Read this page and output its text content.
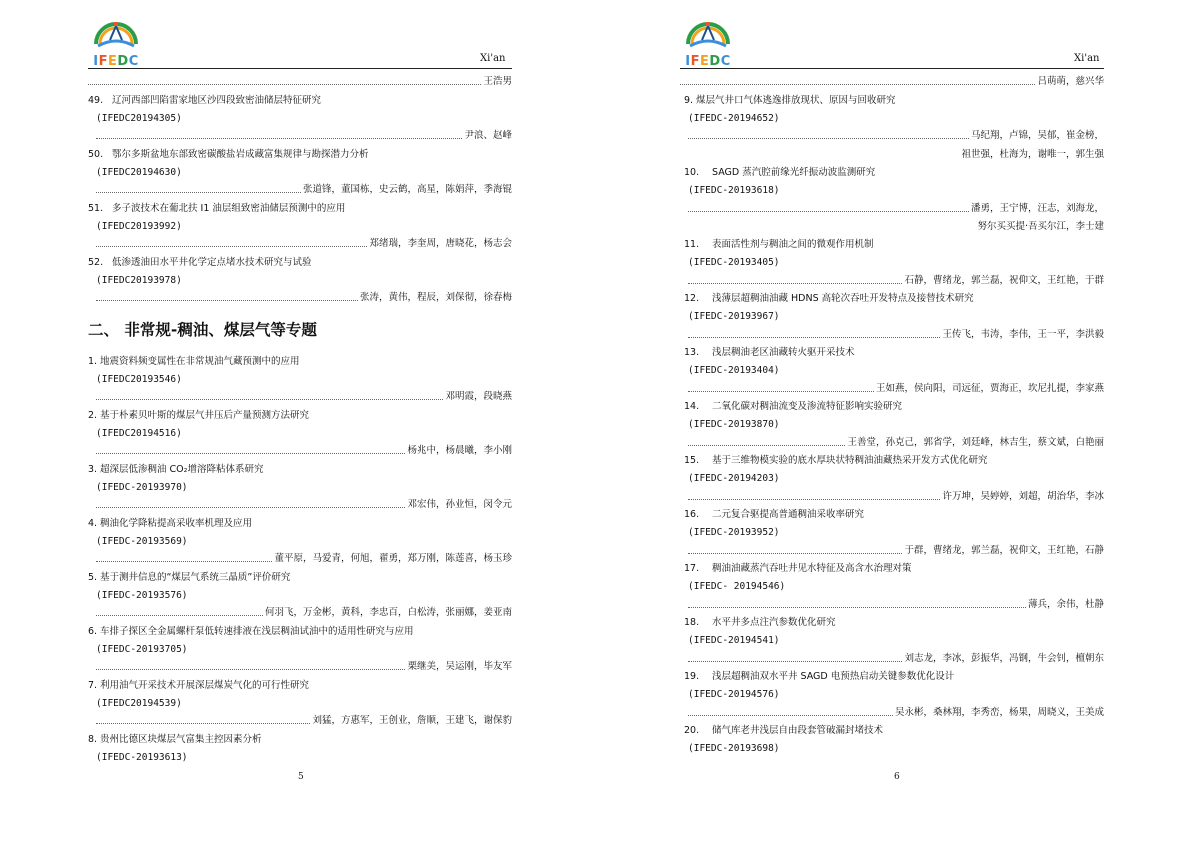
IFEDC	Xi'an
王浩男
49. 辽河西部凹陷雷家地区沙四段致密油储层特征研究
(IFEDC20194305)
尹浪、赵峰
50. 鄂尔多斯盆地东部致密碳酸盐岩成藏富集规律与勘探潜力分析
(IFEDC20194630)
张道锋，董国栋，史云鹤，高星，陈娟萍，季海锟
51. 多子波技术在葡北扶 I1 油层组致密油储层预测中的应用
(IFEDC20193992)
郑绪瑞，李奎周，唐晓花，杨志会
52. 低渗透油田水平井化学定点堵水技术研究与试验
(IFEDC20193978)
张涛，黄伟，程辰，刘保彻，徐春梅
二、 非常规-稠油、煤层气等专题
1. 地震资料频变属性在非常规油气藏预测中的应用
(IFEDC20193546)
邓明霞，段晓燕
2. 基于朴素贝叶斯的煤层气井压后产量预测方法研究
(IFEDC20194516)
杨兆中，杨晨曦，李小刚
3. 超深层低渗稠油 CO₂增溶降粘体系研究
(IFEDC-20193970)
邓宏伟，孙业恒，闵令元
4. 稠油化学降粘提高采收率机理及应用
(IFEDC-20193569)
董平原，马爱青，何旭，翟勇，郑万刚，陈莲喜，杨玉珍
5. 基于测井信息的“煤层气系统三晶质”评价研究
(IFEDC-20193576)
何羽飞，万金彬，黄科，李忠百，白松涛，张丽娜，姜亚南
6. 车排子探区全金属螺杆泵低转速排液在浅层稠油试油中的适用性研究与应用
(IFEDC-20193705)
栗继美，吴运刚，毕友军
7. 利用油气开采技术开展深层煤炭气化的可行性研究
(IFEDC20194539)
刘猛，方惠军，王创业，詹顺，王建飞，谢保豹
8. 贵州比德区块煤层气富集主控因素分析
(IFEDC-20193613)
5
IFEDC	Xi'an
吕萌萌，慈兴华
9. 煤层气井口气体逃逸排放现状、原因与回收研究
(IFEDC-20194652)
马纪翔，卢锦，吴郁，崔金榜，
祖世强，杜海为，谢唯一，郭生强
10. SAGD 蒸汽腔前缘光纤振动波监测研究
(IFEDC-20193618)
潘勇，王宁博，汪志，刘海龙，
努尔买买提·吾买尔江，李士建
11. 表面活性剂与稠油之间的微观作用机制
(IFEDC-20193405)
石静，曹绪龙，郭兰磊，祝仰文，王红艳，于群
12. 浅薄层超稠油油藏 HDNS 高轮次吞吐开发特点及接替技术研究
(IFEDC-20193967)
王传飞，韦涛，李伟，王一平，李洪毅
13. 浅层稠油老区油藏转火驱开采技术
(IFEDC-20193404)
王如燕，侯向阳，司远征，贾海正，坎尼扎提，李家燕
14. 二氧化碳对稠油流变及渗流特征影响实验研究
(IFEDC-20193870)
王善堂，孙克己，郭省学，刘廷峰，林吉生，蔡文斌，白艳丽
15. 基于三维物模实验的底水厚块状特稠油油藏热采开发方式优化研究
(IFEDC-20194203)
许万坤，吴婷婷，刘超，胡治华，李冰
16. 二元复合驱提高普通稠油采收率研究
(IFEDC-20193952)
于群，曹绪龙，郭兰磊，祝仰文，王红艳，石静
17. 稠油油藏蒸汽吞吐井见水特征及高含水治理对策
(IFEDC- 20194546)
薄兵，余伟，杜静
18. 水平井多点注汽参数优化研究
(IFEDC-20194541)
刘志龙，李冰，彭振华，冯钢，牛会钊，檀朝东
19. 浅层超稠油双水平井 SAGD 电预热启动关键参数优化设计
(IFEDC-20194576)
吴永彬，桑林翔，李秀峦，杨果，周晓义，王美成
20. 储气库老井浅层自由段套管破漏封堵技术
(IFEDC-20193698)
6
